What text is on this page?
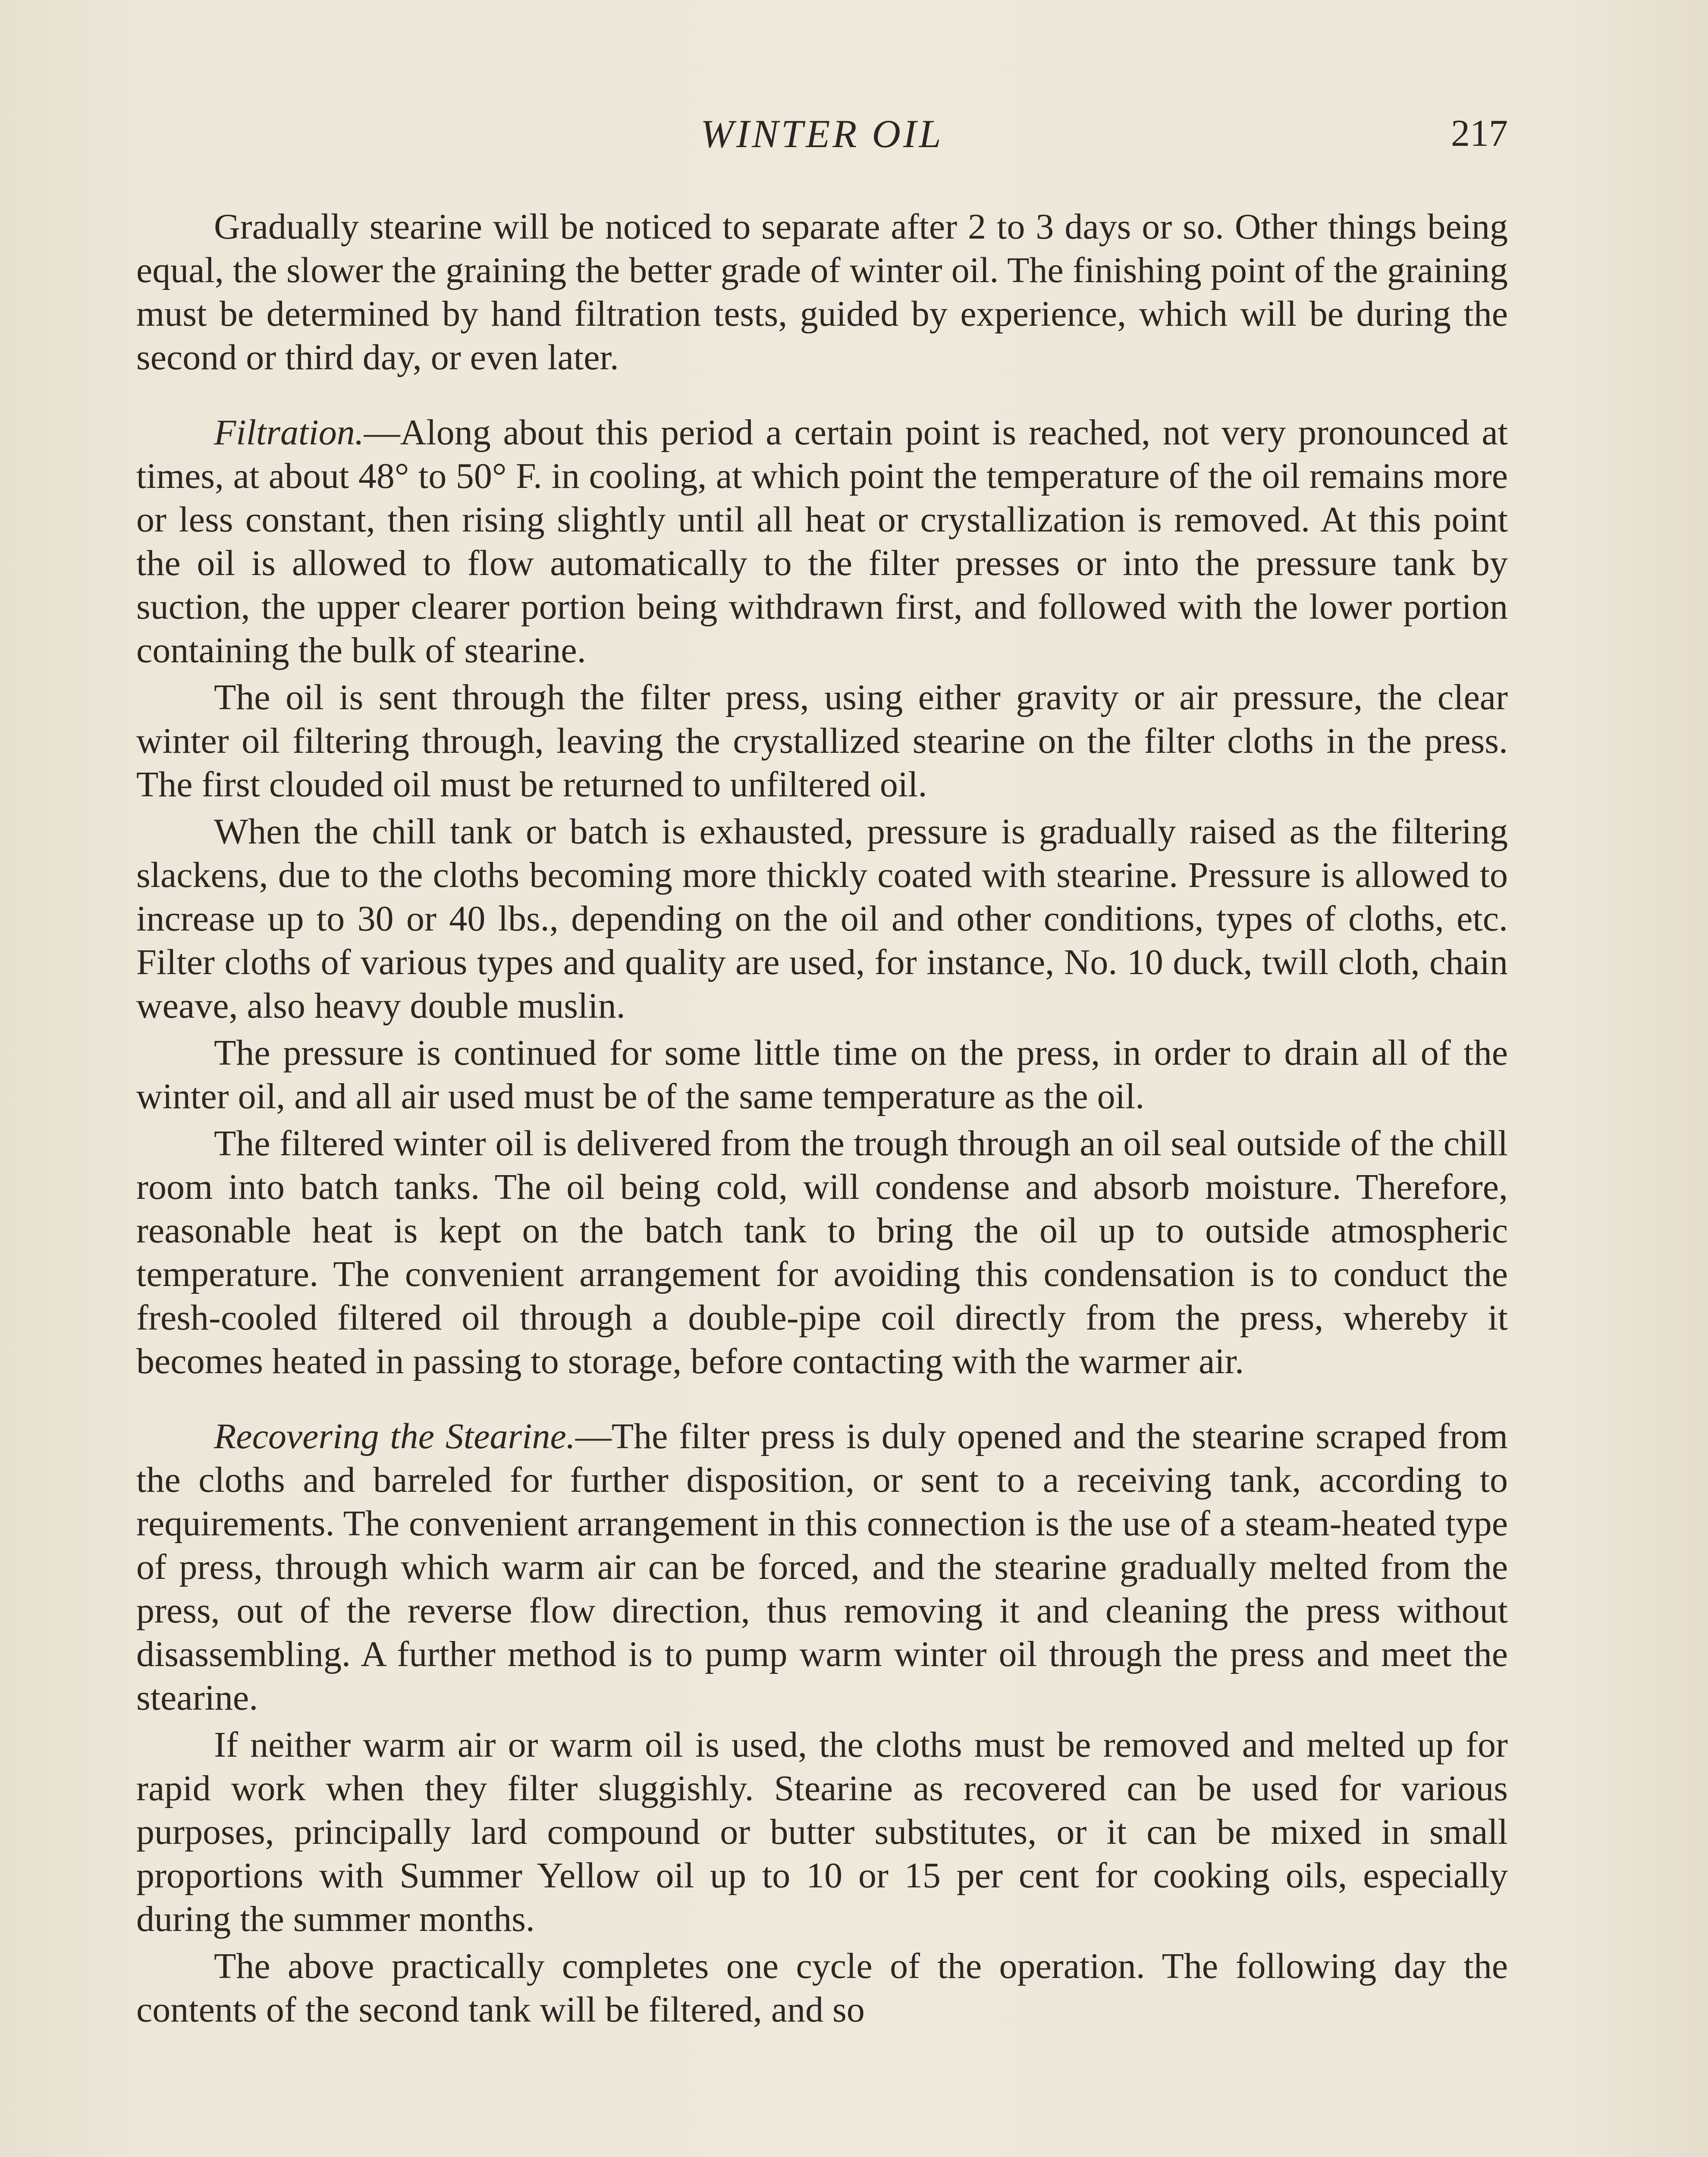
WINTER OIL	217

Gradually stearine will be noticed to separate after 2 to 3 days or so. Other things being equal, the slower the graining the better grade of winter oil. The finishing point of the graining must be determined by hand filtration tests, guided by experience, which will be during the second or third day, or even later.

Filtration.—Along about this period a certain point is reached, not very pronounced at times, at about 48° to 50° F. in cooling, at which point the temperature of the oil remains more or less constant, then rising slightly until all heat or crystallization is removed. At this point the oil is allowed to flow automatically to the filter presses or into the pressure tank by suction, the upper clearer portion being withdrawn first, and followed with the lower portion containing the bulk of stearine.

The oil is sent through the filter press, using either gravity or air pressure, the clear winter oil filtering through, leaving the crystallized stearine on the filter cloths in the press. The first clouded oil must be returned to unfiltered oil.

When the chill tank or batch is exhausted, pressure is gradually raised as the filtering slackens, due to the cloths becoming more thickly coated with stearine. Pressure is allowed to increase up to 30 or 40 lbs., depending on the oil and other conditions, types of cloths, etc. Filter cloths of various types and quality are used, for instance, No. 10 duck, twill cloth, chain weave, also heavy double muslin.

The pressure is continued for some little time on the press, in order to drain all of the winter oil, and all air used must be of the same temperature as the oil.

The filtered winter oil is delivered from the trough through an oil seal outside of the chill room into batch tanks. The oil being cold, will condense and absorb moisture. Therefore, reasonable heat is kept on the batch tank to bring the oil up to outside atmospheric temperature. The convenient arrangement for avoiding this condensation is to conduct the fresh-cooled filtered oil through a double-pipe coil directly from the press, whereby it becomes heated in passing to storage, before contacting with the warmer air.

Recovering the Stearine.—The filter press is duly opened and the stearine scraped from the cloths and barreled for further disposition, or sent to a receiving tank, according to requirements. The convenient arrangement in this connection is the use of a steam-heated type of press, through which warm air can be forced, and the stearine gradually melted from the press, out of the reverse flow direction, thus removing it and cleaning the press without disassembling. A further method is to pump warm winter oil through the press and meet the stearine.

If neither warm air or warm oil is used, the cloths must be removed and melted up for rapid work when they filter sluggishly. Stearine as recovered can be used for various purposes, principally lard compound or butter substitutes, or it can be mixed in small proportions with Summer Yellow oil up to 10 or 15 per cent for cooking oils, especially during the summer months.

The above practically completes one cycle of the operation. The following day the contents of the second tank will be filtered, and so
